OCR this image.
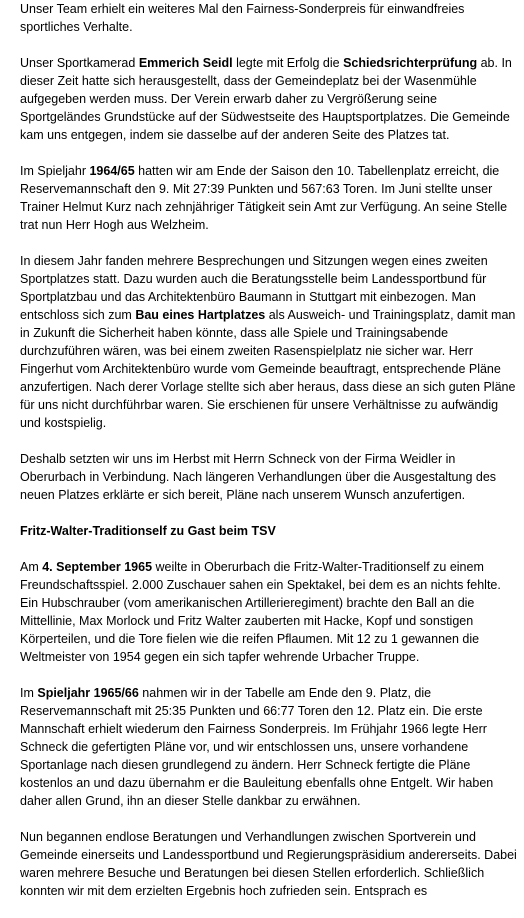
Unser Team erhielt ein weiteres Mal den Fairness-Sonderpreis für einwandfreies sportliches Verhalte.
Unser Sportkamerad Emmerich Seidl legte mit Erfolg die Schiedsrichterprüfung ab. In dieser Zeit hatte sich herausgestellt, dass der Gemeindeplatz bei der Wasenmühle aufgegeben werden muss. Der Verein erwarb daher zu Vergrößerung seine Sportgeländes Grundstücke auf der Südwestseite des Hauptsportplatzes. Die Gemeinde kam uns entgegen, indem sie dasselbe auf der anderen Seite des Platzes tat.
Im Spieljahr 1964/65 hatten wir am Ende der Saison den 10. Tabellenplatz erreicht, die Reservemannschaft den 9. Mit 27:39 Punkten und 567:63 Toren. Im Juni stellte unser Trainer Helmut Kurz nach zehnjähriger Tätigkeit sein Amt zur Verfügung. An seine Stelle trat nun Herr Hogh aus Welzheim.
In diesem Jahr fanden mehrere Besprechungen und Sitzungen wegen eines zweiten Sportplatzes statt. Dazu wurden auch die Beratungsstelle beim Landessportbund für Sportplatzbau und das Architektenbüro Baumann in Stuttgart mit einbezogen. Man entschloss sich zum Bau eines Hartplatzes als Ausweich- und Trainingsplatz, damit man in Zukunft die Sicherheit haben könnte, dass alle Spiele und Trainingsabende durchzuführen wären, was bei einem zweiten Rasenspielplatz nie sicher war. Herr Fingerhut vom Architektenbüro wurde vom Gemeinde beauftragt, entsprechende Pläne anzufertigen. Nach derer Vorlage stellte sich aber heraus, dass diese an sich guten Pläne für uns nicht durchführbar waren. Sie erschienen für unsere Verhältnisse zu aufwändig und kostspielig.
Deshalb setzten wir uns im Herbst mit Herrn Schneck von der Firma Weidler in Oberurbach in Verbindung. Nach längeren Verhandlungen über die Ausgestaltung des neuen Platzes erklärte er sich bereit, Pläne nach unserem Wunsch anzufertigen.
Fritz-Walter-Traditionself zu Gast beim TSV
Am 4. September 1965 weilte in Oberurbach die Fritz-Walter-Traditionself zu einem Freundschaftsspiel. 2.000 Zuschauer sahen ein Spektakel, bei dem es an nichts fehlte. Ein Hubschrauber (vom amerikanischen Artillerieregiment) brachte den Ball an die Mittellinie, Max Morlock und Fritz Walter zauberten mit Hacke, Kopf und sonstigen Körperteilen, und die Tore fielen wie die reifen Pflaumen. Mit 12 zu 1 gewannen die Weltmeister von 1954 gegen ein sich tapfer wehrende Urbacher Truppe.
Im Spieljahr 1965/66 nahmen wir in der Tabelle am Ende den 9. Platz, die Reservemannschaft mit 25:35 Punkten und 66:77 Toren den 12. Platz ein. Die erste Mannschaft erhielt wiederum den Fairness Sonderpreis. Im Frühjahr 1966 legte Herr Schneck die gefertigten Pläne vor, und wir entschlossen uns, unsere vorhandene Sportanlage nach diesen grundlegend zu ändern. Herr Schneck fertigte die Pläne kostenlos an und dazu übernahm er die Bauleitung ebenfalls ohne Entgelt. Wir haben daher allen Grund, ihn an dieser Stelle dankbar zu erwähnen.
Nun begannen endlose Beratungen und Verhandlungen zwischen Sportverein und Gemeinde einerseits und Landessportbund und Regierungspräsidium andererseits. Dabei waren mehrere Besuche und Beratungen bei diesen Stellen erforderlich. Schließlich konnten wir mit dem erzielten Ergebnis hoch zufrieden sein. Entsprach es
